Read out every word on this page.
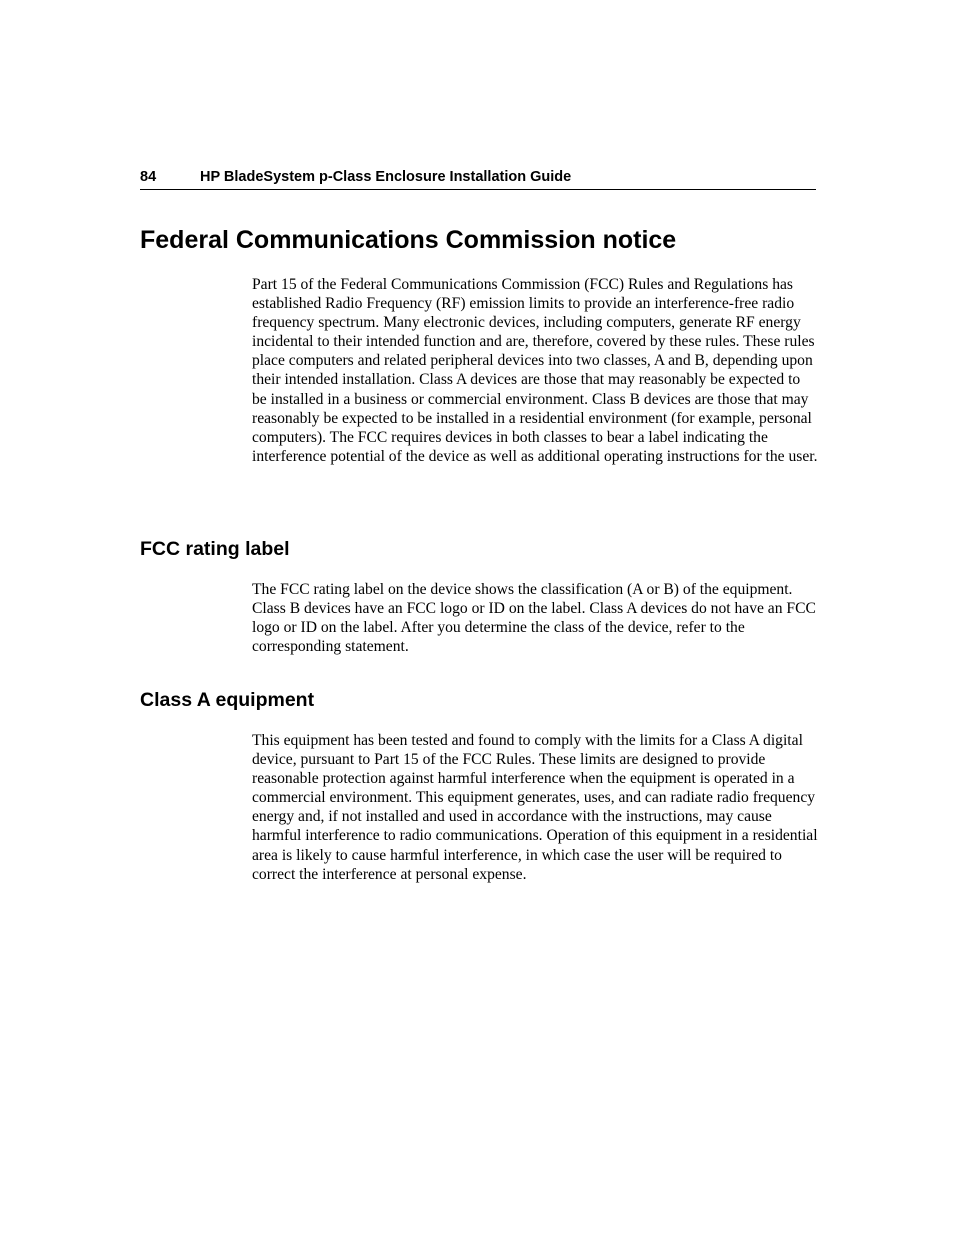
84	HP BladeSystem p-Class Enclosure Installation Guide
Federal Communications Commission notice

Part 15 of the Federal Communications Commission (FCC) Rules and Regulations has established Radio Frequency (RF) emission limits to provide an interference-free radio frequency spectrum. Many electronic devices, including computers, generate RF energy incidental to their intended function and are, therefore, covered by these rules. These rules place computers and related peripheral devices into two classes, A and B, depending upon their intended installation. Class A devices are those that may reasonably be expected to be installed in a business or commercial environment. Class B devices are those that may reasonably be expected to be installed in a residential environment (for example, personal computers). The FCC requires devices in both classes to bear a label indicating the interference potential of the device as well as additional operating instructions for the user.

FCC rating label

The FCC rating label on the device shows the classification (A or B) of the equipment. Class B devices have an FCC logo or ID on the label. Class A devices do not have an FCC logo or ID on the label. After you determine the class of the device, refer to the corresponding statement.

Class A equipment

This equipment has been tested and found to comply with the limits for a Class A digital device, pursuant to Part 15 of the FCC Rules. These limits are designed to provide reasonable protection against harmful interference when the equipment is operated in a commercial environment. This equipment generates, uses, and can radiate radio frequency energy and, if not installed and used in accordance with the instructions, may cause harmful interference to radio communications. Operation of this equipment in a residential area is likely to cause harmful interference, in which case the user will be required to correct the interference at personal expense.
